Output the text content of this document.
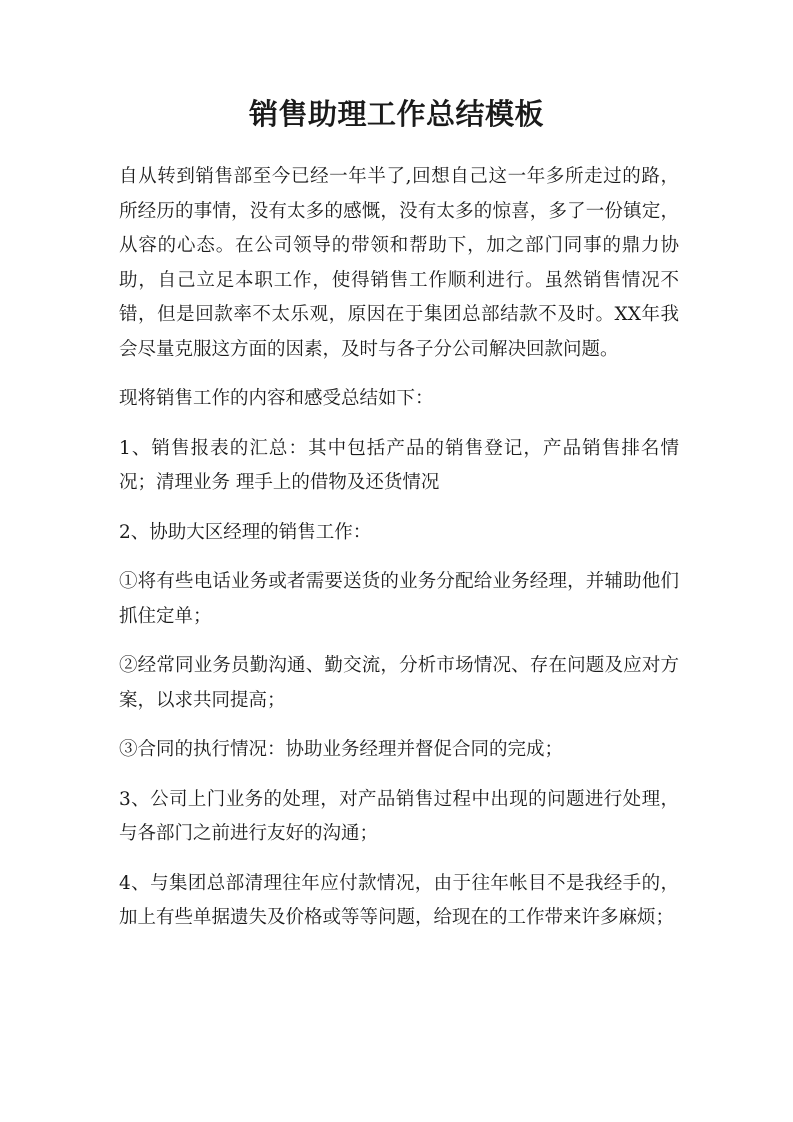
销售助理工作总结模板

自从转到销售部至今已经一年半了,回想自己这一年多所走过的路，所经历的事情，没有太多的感慨，没有太多的惊喜，多了一份镇定，从容的心态。在公司领导的带领和帮助下，加之部门同事的鼎力协助，自己立足本职工作，使得销售工作顺利进行。虽然销售情况不错，但是回款率不太乐观，原因在于集团总部结款不及时。XX年我会尽量克服这方面的因素，及时与各子分公司解决回款问题。

现将销售工作的内容和感受总结如下：

1、销售报表的汇总：其中包括产品的销售登记，产品销售排名情况；清理业务 理手上的借物及还货情况

2、协助大区经理的销售工作：

①将有些电话业务或者需要送货的业务分配给业务经理，并辅助他们抓住定单；

②经常同业务员勤沟通、勤交流，分析市场情况、存在问题及应对方案，以求共同提高；

③合同的执行情况：协助业务经理并督促合同的完成；

3、公司上门业务的处理，对产品销售过程中出现的问题进行处理，与各部门之前进行友好的沟通；

4、与集团总部清理往年应付款情况，由于往年帐目不是我经手的，加上有些单据遗失及价格或等等问题，给现在的工作带来许多麻烦；
